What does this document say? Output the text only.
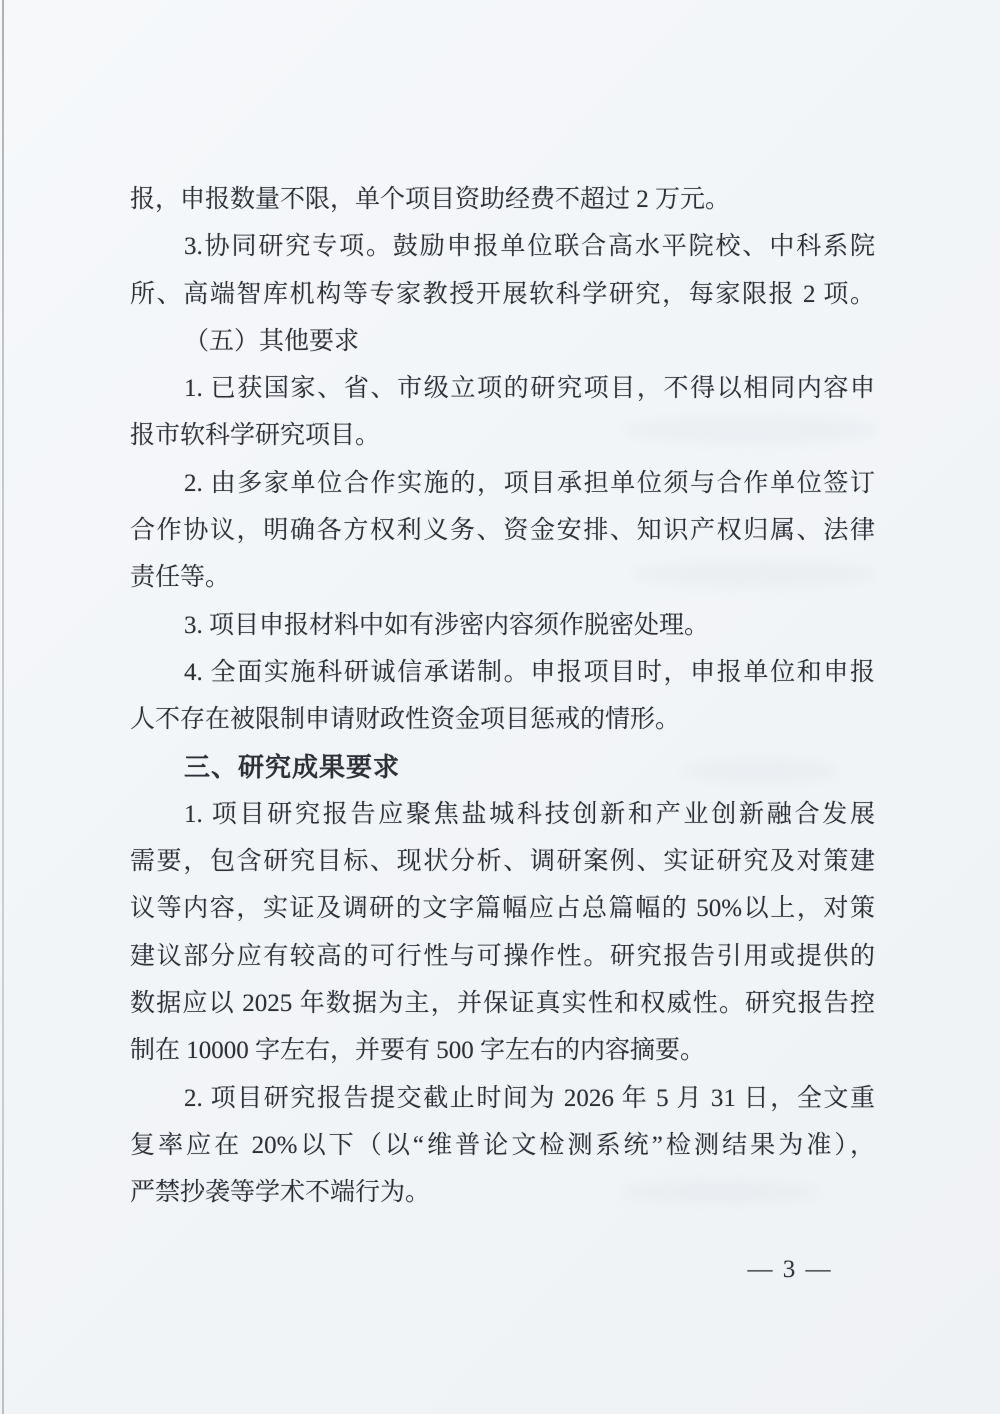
报，申报数量不限，单个项目资助经费不超过 2 万元。
3.协同研究专项。鼓励申报单位联合高水平院校、中科系院
所、高端智库机构等专家教授开展软科学研究，每家限报 2 项。
（五）其他要求
1. 已获国家、省、市级立项的研究项目，不得以相同内容申
报市软科学研究项目。
2. 由多家单位合作实施的，项目承担单位须与合作单位签订
合作协议，明确各方权利义务、资金安排、知识产权归属、法律
责任等。
3. 项目申报材料中如有涉密内容须作脱密处理。
4. 全面实施科研诚信承诺制。申报项目时，申报单位和申报
人不存在被限制申请财政性资金项目惩戒的情形。
三、研究成果要求
1. 项目研究报告应聚焦盐城科技创新和产业创新融合发展
需要，包含研究目标、现状分析、调研案例、实证研究及对策建
议等内容，实证及调研的文字篇幅应占总篇幅的 50%以上，对策
建议部分应有较高的可行性与可操作性。研究报告引用或提供的
数据应以 2025 年数据为主，并保证真实性和权威性。研究报告控
制在 10000 字左右，并要有 500 字左右的内容摘要。
2. 项目研究报告提交截止时间为 2026 年 5 月 31 日，全文重
复率应在 20%以下（以“维普论文检测系统”检测结果为准），
严禁抄袭等学术不端行为。
— 3 —
